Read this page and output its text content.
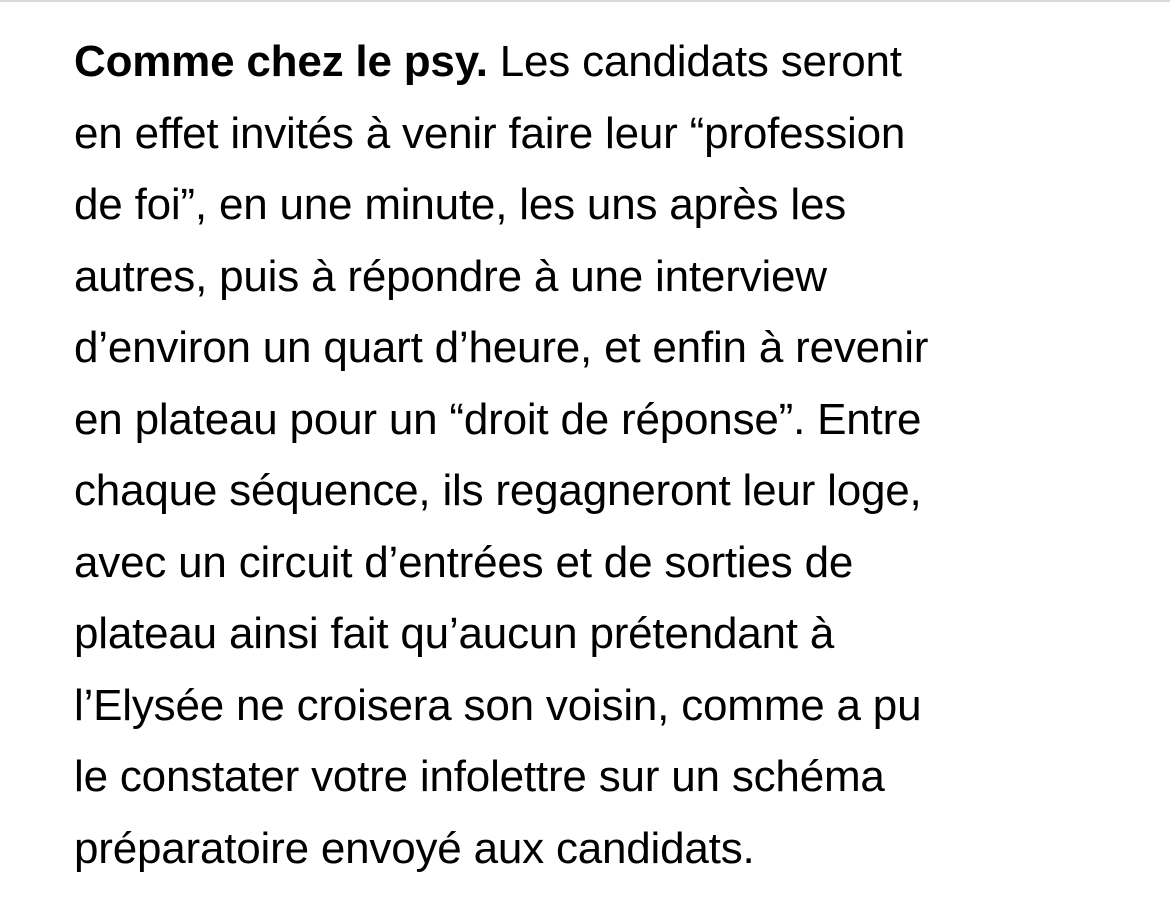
Comme chez le psy. Les candidats seront
en effet invités à venir faire leur “profession
de foi”, en une minute, les uns après les
autres, puis à répondre à une interview
d’environ un quart d’heure, et enfin à revenir
en plateau pour un “droit de réponse”. Entre
chaque séquence, ils regagneront leur loge,
avec un circuit d’entrées et de sorties de
plateau ainsi fait qu’aucun prétendant à
l’Elysée ne croisera son voisin, comme a pu
le constater votre infolettre sur un schéma
préparatoire envoyé aux candidats.
